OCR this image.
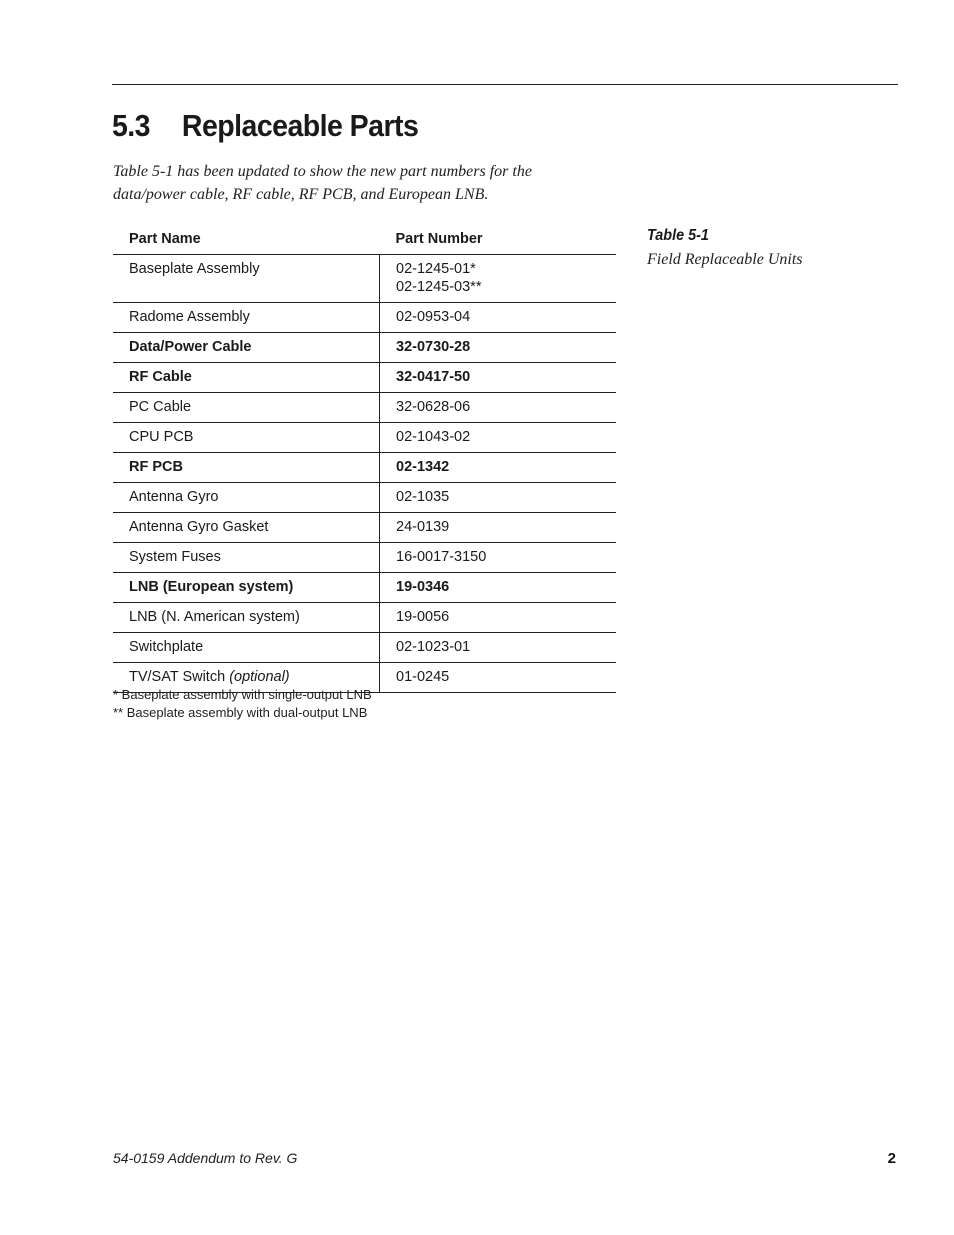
5.3 Replaceable Parts

Table 5-1 has been updated to show the new part numbers for the data/power cable, RF cable, RF PCB, and European LNB.

Part Name	Part Number
Baseplate Assembly	02-1245-01*
02-1245-03**

Radome Assembly	02-0953-04

Data/Power Cable	32-0730-28

RF Cable	32-0417-50

PC Cable	32-0628-06

CPU PCB	02-1043-02

RF PCB	02-1342

Antenna Gyro	02-1035

Antenna Gyro Gasket	24-0139

System Fuses	16-0017-3150

LNB (European system)	19-0346

LNB (N. American system)	19-0056

Switchplate	02-1023-01

TV/SAT Switch (optional)	01-0245
* Baseplate assembly with single-output LNB
** Baseplate assembly with dual-output LNB
Table 5-1
Field Replaceable Units
54-0159 Addendum to Rev. G	2
